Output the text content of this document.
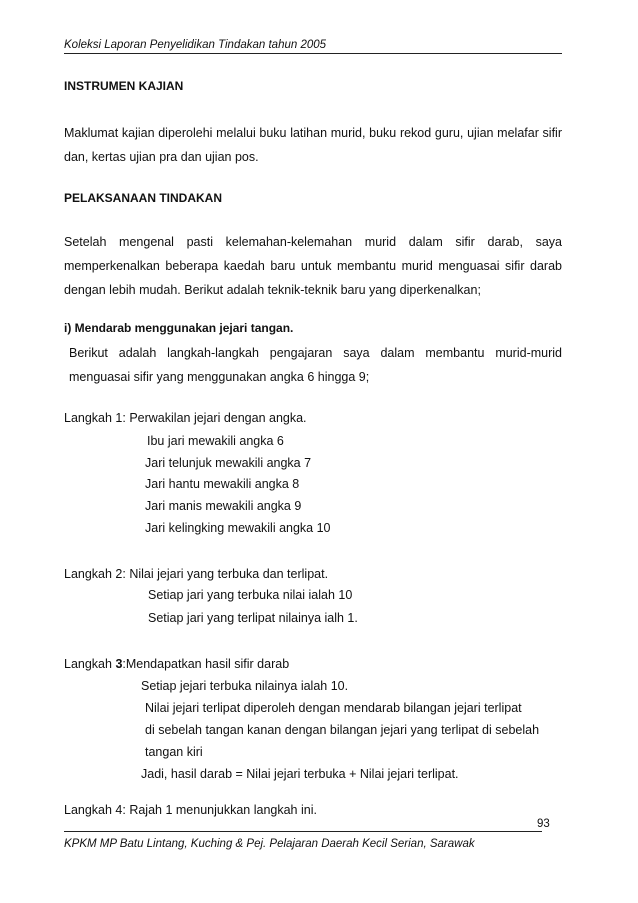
Koleksi Laporan Penyelidikan Tindakan tahun 2005
INSTRUMEN KAJIAN
Maklumat kajian diperolehi melalui buku latihan murid, buku rekod guru, ujian melafar sifir dan, kertas ujian pra dan ujian pos.
PELAKSANAAN TINDAKAN
Setelah mengenal pasti kelemahan-kelemahan murid dalam sifir darab, saya memperkenalkan beberapa kaedah baru untuk membantu murid menguasai sifir darab dengan lebih mudah. Berikut adalah teknik-teknik baru yang diperkenalkan;
i) Mendarab menggunakan jejari tangan.
Berikut adalah langkah-langkah pengajaran saya dalam membantu murid-murid menguasai sifir yang menggunakan angka 6 hingga 9;
Langkah 1: Perwakilan jejari dengan angka.
Ibu jari mewakili angka 6
Jari telunjuk mewakili angka 7
Jari hantu mewakili angka 8
Jari manis mewakili angka 9
Jari kelingking mewakili angka 10
Langkah 2: Nilai jejari yang terbuka dan terlipat.
Setiap jari yang terbuka nilai ialah 10
Setiap jari yang terlipat nilainya ialh 1.
Langkah 3:Mendapatkan hasil sifir darab
Setiap jejari terbuka nilainya ialah 10.
Nilai jejari terlipat diperoleh dengan mendarab bilangan jejari terlipat
di sebelah tangan kanan dengan bilangan jejari yang terlipat di sebelah
tangan kiri
Jadi, hasil darab = Nilai jejari terbuka + Nilai jejari terlipat.
Langkah 4: Rajah 1 menunjukkan langkah ini.
93
KPKM MP Batu Lintang, Kuching & Pej. Pelajaran Daerah Kecil Serian, Sarawak
